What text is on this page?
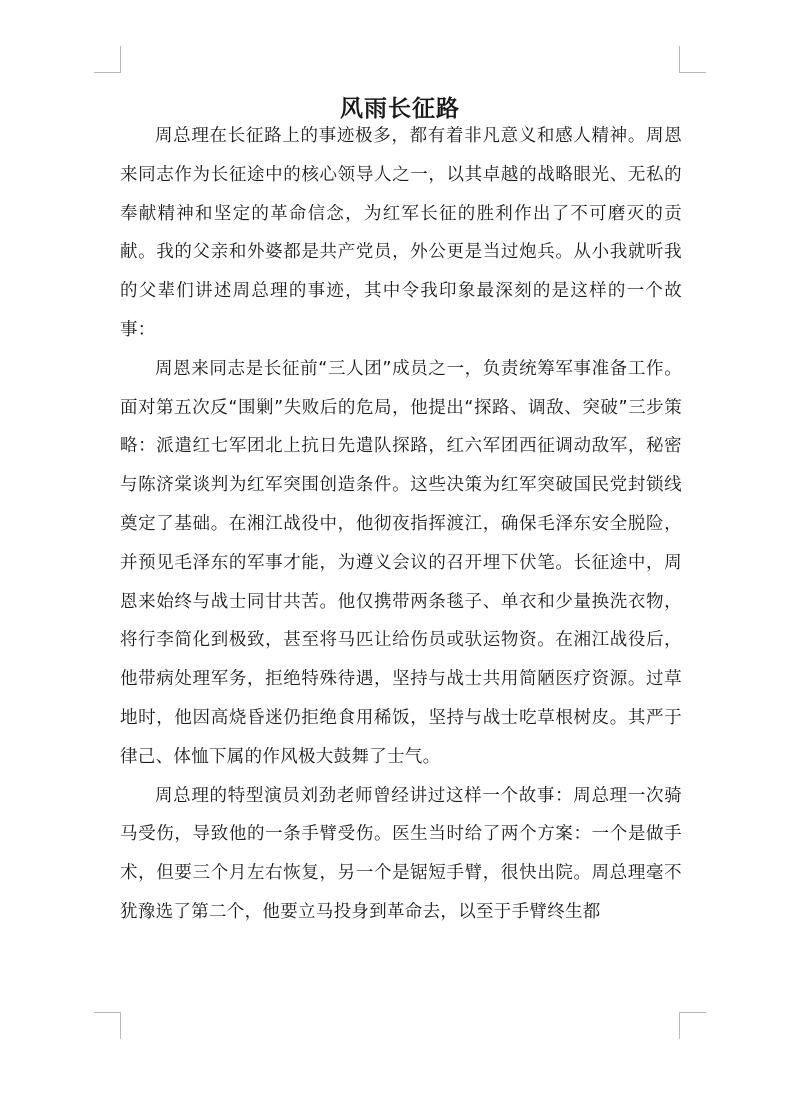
风雨长征路

周总理在长征路上的事迹极多，都有着非凡意义和感人精神。周恩来同志作为长征途中的核心领导人之一，以其卓越的战略眼光、无私的奉献精神和坚定的革命信念，为红军长征的胜利作出了不可磨灭的贡献。我的父亲和外婆都是共产党员，外公更是当过炮兵。从小我就听我的父辈们讲述周总理的事迹，其中令我印象最深刻的是这样的一个故事：

周恩来同志是长征前“三人团”成员之一，负责统筹军事准备工作。面对第五次反“围剿”失败后的危局，他提出“探路、调敌、突破”三步策略：派遣红七军团北上抗日先遣队探路，红六军团西征调动敌军，秘密与陈济棠谈判为红军突围创造条件。这些决策为红军突破国民党封锁线奠定了基础。在湘江战役中，他彻夜指挥渡江，确保毛泽东安全脱险，并预见毛泽东的军事才能，为遵义会议的召开埋下伏笔。长征途中，周恩来始终与战士同甘共苦。他仅携带两条毯子、单衣和少量换洗衣物，将行李简化到极致，甚至将马匹让给伤员或驮运物资。在湘江战役后，他带病处理军务，拒绝特殊待遇，坚持与战士共用简陋医疗资源。过草地时，他因高烧昏迷仍拒绝食用稀饭，坚持与战士吃草根树皮。其严于律己、体恤下属的作风极大鼓舞了士气。

周总理的特型演员刘劲老师曾经讲过这样一个故事：周总理一次骑马受伤，导致他的一条手臂受伤。医生当时给了两个方案：一个是做手术，但要三个月左右恢复，另一个是锯短手臂，很快出院。周总理毫不犹豫选了第二个，他要立马投身到革命去，以至于手臂终生都
